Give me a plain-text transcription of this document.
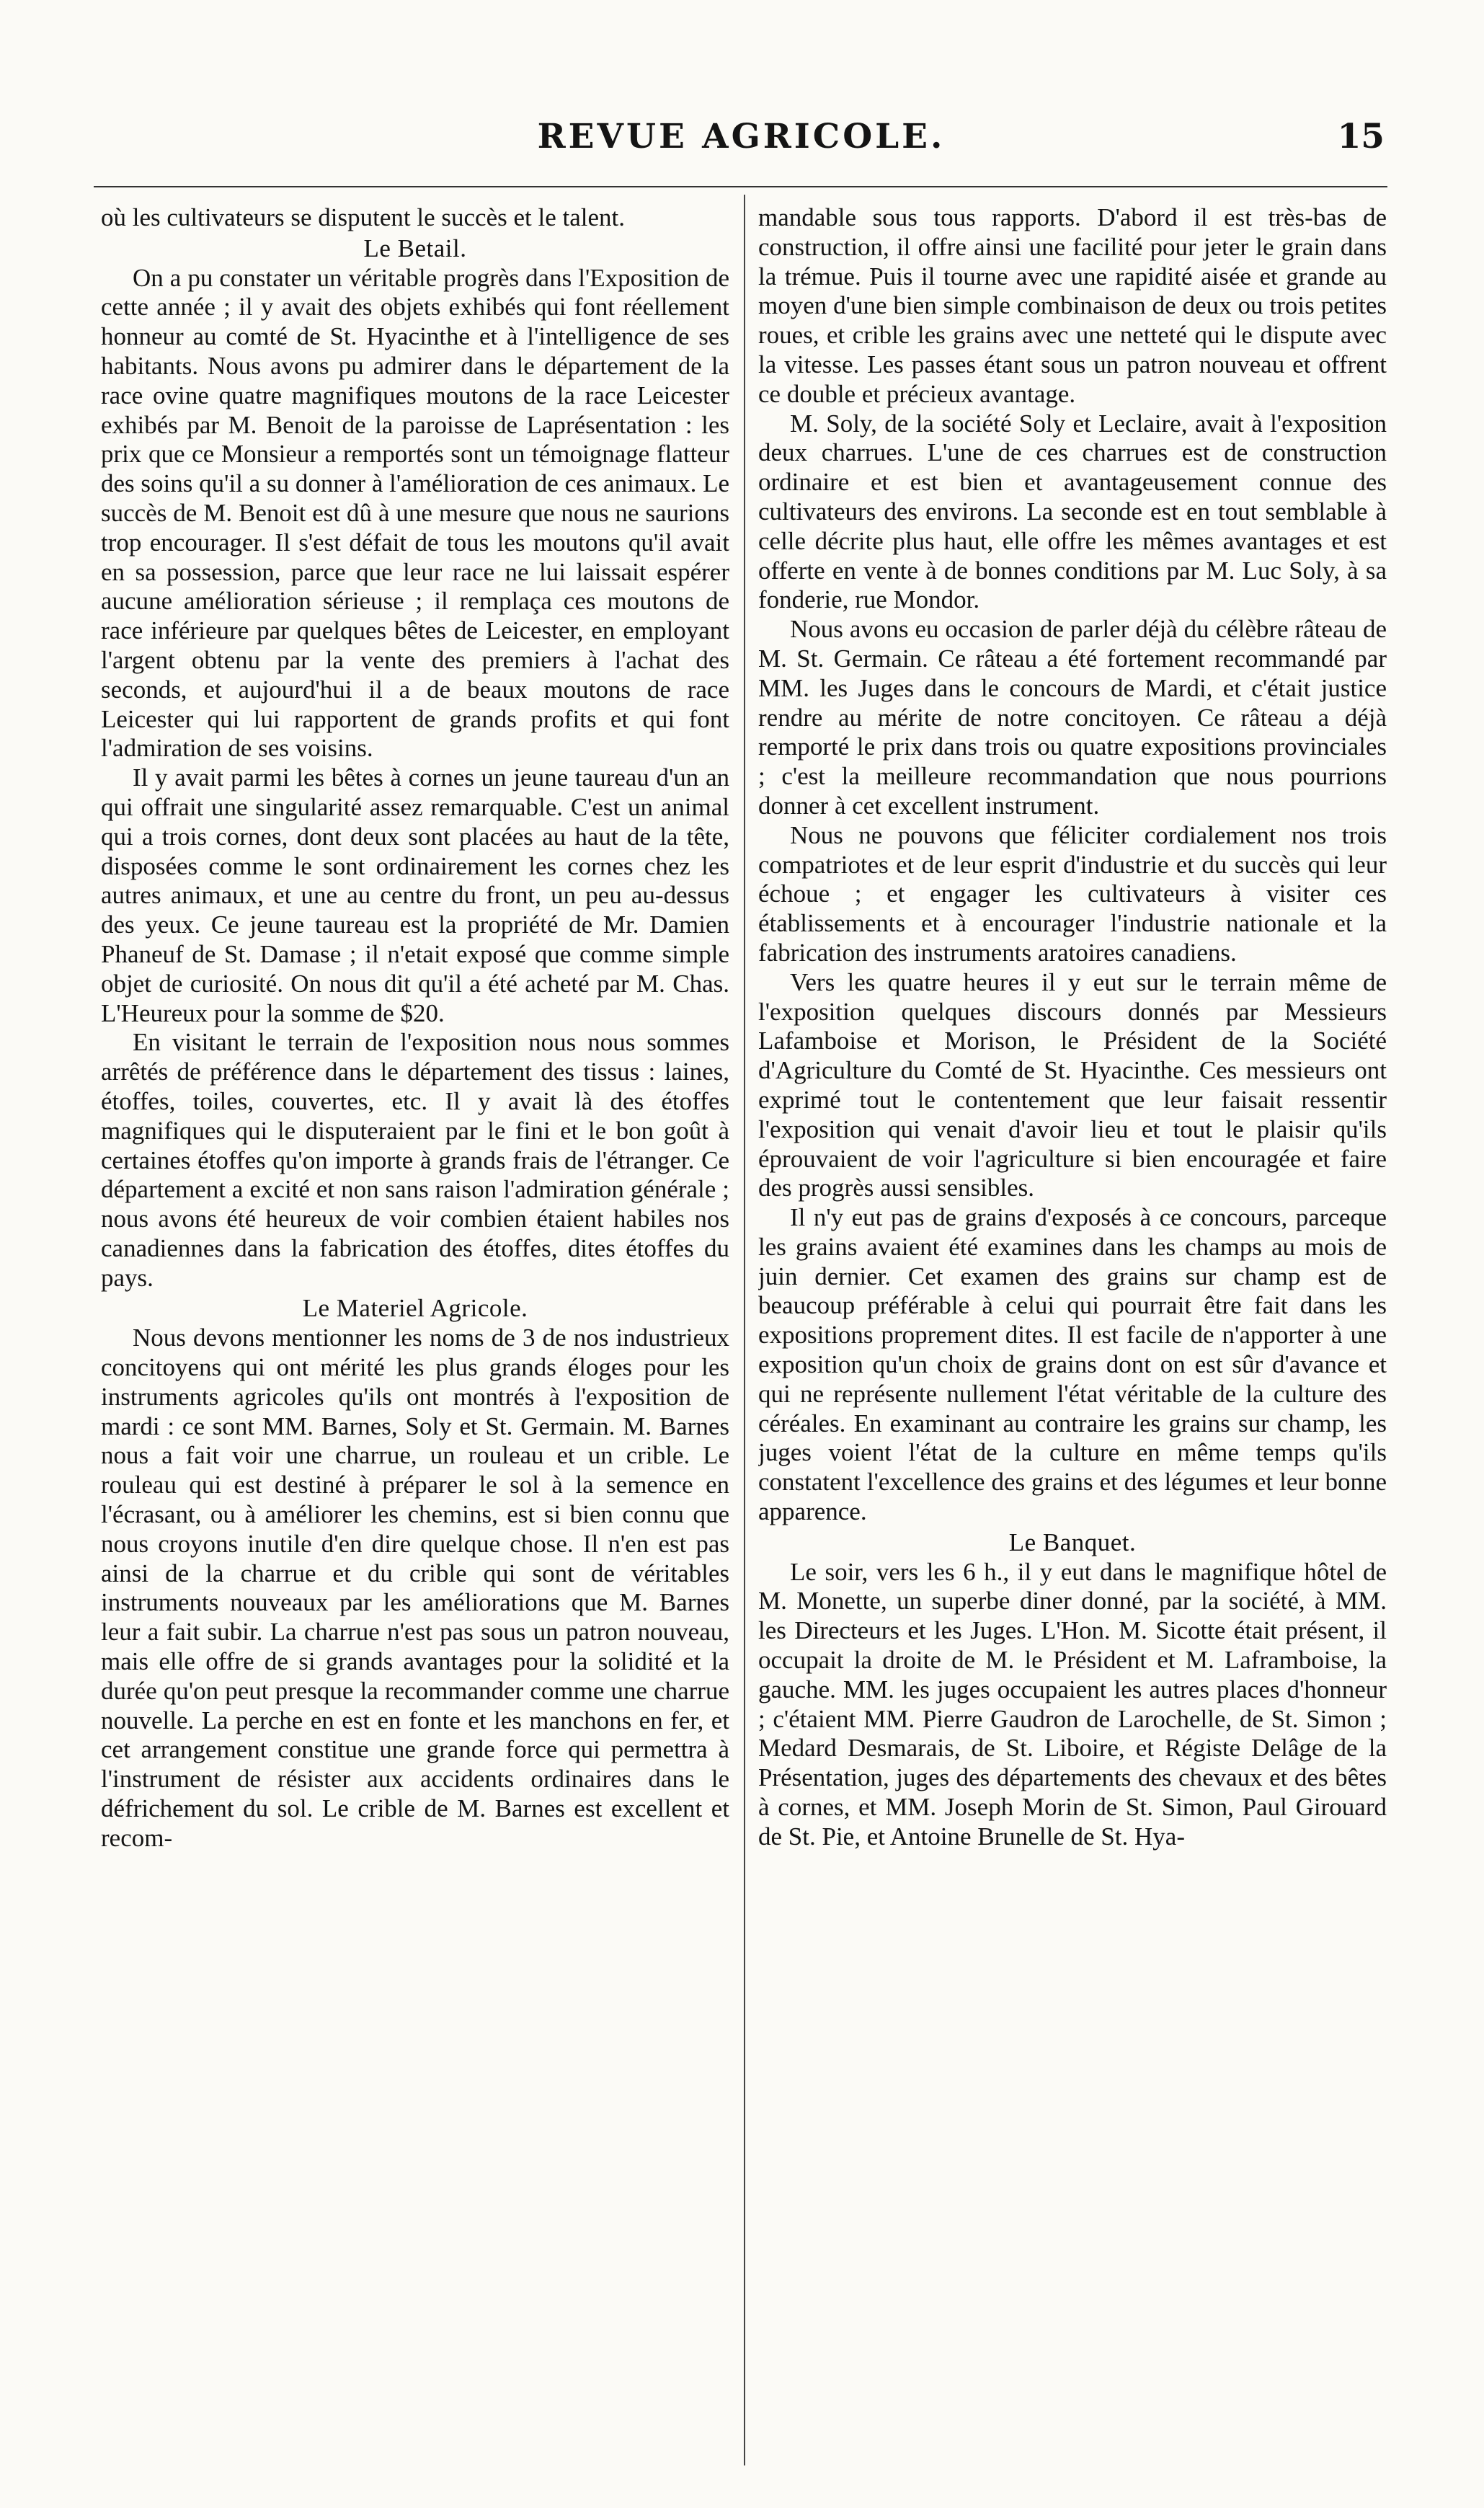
REVUE AGRICOLE.	15

où les cultivateurs se disputent le succès et le talent.

Le Betail.

On a pu constater un véritable progrès dans l'Exposition de cette année ; il y avait des objets exhibés qui font réellement honneur au comté de St. Hyacinthe et à l'intelligence de ses habitants. Nous avons pu admirer dans le département de la race ovine quatre magnifiques moutons de la race Leicester exhibés par M. Benoit de la paroisse de Laprésentation : les prix que ce Monsieur a remportés sont un témoignage flatteur des soins qu'il a su donner à l'amélioration de ces animaux. Le succès de M. Benoit est dû à une mesure que nous ne saurions trop encourager. Il s'est défait de tous les moutons qu'il avait en sa possession, parce que leur race ne lui laissait espérer aucune amélioration sérieuse ; il remplaça ces moutons de race inférieure par quelques bêtes de Leicester, en employant l'argent obtenu par la vente des premiers à l'achat des seconds, et aujourd'hui il a de beaux moutons de race Leicester qui lui rapportent de grands profits et qui font l'admiration de ses voisins.

Il y avait parmi les bêtes à cornes un jeune taureau d'un an qui offrait une singularité assez remarquable. C'est un animal qui a trois cornes, dont deux sont placées au haut de la tête, disposées comme le sont ordinairement les cornes chez les autres animaux, et une au centre du front, un peu au-dessus des yeux. Ce jeune taureau est la propriété de Mr. Damien Phaneuf de St. Damase ; il n'etait exposé que comme simple objet de curiosité. On nous dit qu'il a été acheté par M. Chas. L'Heureux pour la somme de $20.

En visitant le terrain de l'exposition nous nous sommes arrêtés de préférence dans le département des tissus : laines, étoffes, toiles, couvertes, etc. Il y avait là des étoffes magnifiques qui le disputeraient par le fini et le bon goût à certaines étoffes qu'on importe à grands frais de l'étranger. Ce département a excité et non sans raison l'admiration générale ; nous avons été heureux de voir combien étaient habiles nos canadiennes dans la fabrication des étoffes, dites étoffes du pays.

Le Materiel Agricole.

Nous devons mentionner les noms de 3 de nos industrieux concitoyens qui ont mérité les plus grands éloges pour les instruments agricoles qu'ils ont montrés à l'exposition de mardi : ce sont MM. Barnes, Soly et St. Germain. M. Barnes nous a fait voir une charrue, un rouleau et un crible. Le rouleau qui est destiné à préparer le sol à la semence en l'écrasant, ou à améliorer les chemins, est si bien connu que nous croyons inutile d'en dire quelque chose. Il n'en est pas ainsi de la charrue et du crible qui sont de véritables instruments nouveaux par les améliorations que M. Barnes leur a fait subir. La charrue n'est pas sous un patron nouveau, mais elle offre de si grands avantages pour la solidité et la durée qu'on peut presque la recommander comme une charrue nouvelle. La perche en est en fonte et les manchons en fer, et cet arrangement constitue une grande force qui permettra à l'instrument de résister aux accidents ordinaires dans le défrichement du sol. Le crible de M. Barnes est excellent et recom-

mandable sous tous rapports. D'abord il est très-bas de construction, il offre ainsi une facilité pour jeter le grain dans la trémue. Puis il tourne avec une rapidité aisée et grande au moyen d'une bien simple combinaison de deux ou trois petites roues, et crible les grains avec une netteté qui le dispute avec la vitesse. Les passes étant sous un patron nouveau et offrent ce double et précieux avantage.

M. Soly, de la société Soly et Leclaire, avait à l'exposition deux charrues. L'une de ces charrues est de construction ordinaire et est bien et avantageusement connue des cultivateurs des environs. La seconde est en tout semblable à celle décrite plus haut, elle offre les mêmes avantages et est offerte en vente à de bonnes conditions par M. Luc Soly, à sa fonderie, rue Mondor.

Nous avons eu occasion de parler déjà du célèbre râteau de M. St. Germain. Ce râteau a été fortement recommandé par MM. les Juges dans le concours de Mardi, et c'était justice rendre au mérite de notre concitoyen. Ce râteau a déjà remporté le prix dans trois ou quatre expositions provinciales ; c'est la meilleure recommandation que nous pourrions donner à cet excellent instrument.

Nous ne pouvons que féliciter cordialement nos trois compatriotes et de leur esprit d'industrie et du succès qui leur échoue ; et engager les cultivateurs à visiter ces établissements et à encourager l'industrie nationale et la fabrication des instruments aratoires canadiens.

Vers les quatre heures il y eut sur le terrain même de l'exposition quelques discours donnés par Messieurs Lafamboise et Morison, le Président de la Société d'Agriculture du Comté de St. Hyacinthe. Ces messieurs ont exprimé tout le contentement que leur faisait ressentir l'exposition qui venait d'avoir lieu et tout le plaisir qu'ils éprouvaient de voir l'agriculture si bien encouragée et faire des progrès aussi sensibles.

Il n'y eut pas de grains d'exposés à ce concours, parceque les grains avaient été examines dans les champs au mois de juin dernier. Cet examen des grains sur champ est de beaucoup préférable à celui qui pourrait être fait dans les expositions proprement dites. Il est facile de n'apporter à une exposition qu'un choix de grains dont on est sûr d'avance et qui ne représente nullement l'état véritable de la culture des céréales. En examinant au contraire les grains sur champ, les juges voient l'état de la culture en même temps qu'ils constatent l'excellence des grains et des légumes et leur bonne apparence.

Le Banquet.

Le soir, vers les 6 h., il y eut dans le magnifique hôtel de M. Monette, un superbe diner donné, par la société, à MM. les Directeurs et les Juges. L'Hon. M. Sicotte était présent, il occupait la droite de M. le Président et M. Laframboise, la gauche. MM. les juges occupaient les autres places d'honneur ; c'étaient MM. Pierre Gaudron de Larochelle, de St. Simon ; Medard Desmarais, de St. Liboire, et Régiste Delâge de la Présentation, juges des départements des chevaux et des bêtes à cornes, et MM. Joseph Morin de St. Simon, Paul Girouard de St. Pie, et Antoine Brunelle de St. Hya-
